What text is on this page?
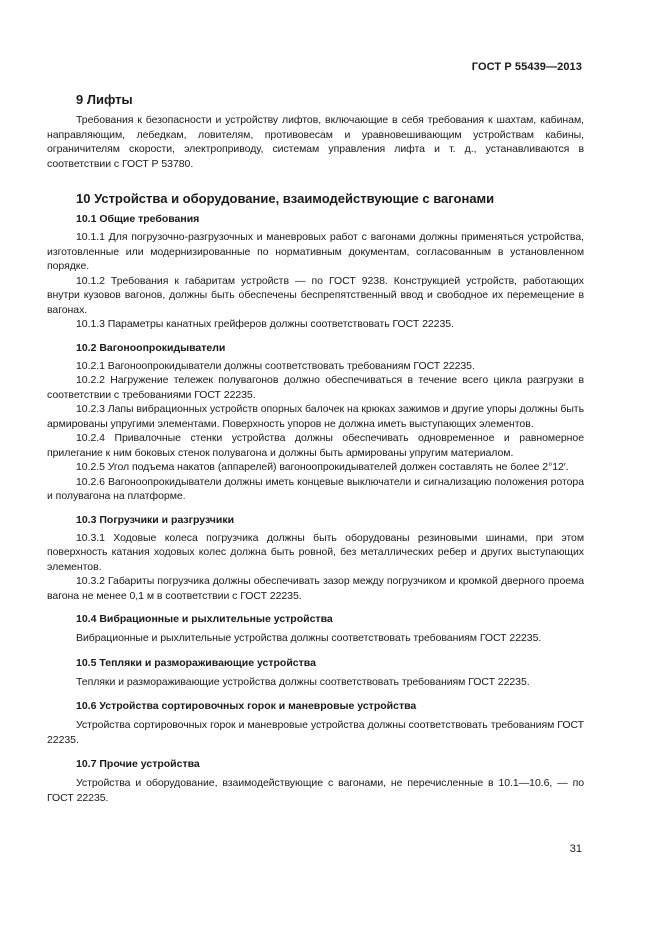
ГОСТ Р 55439—2013
9 Лифты

Требования к безопасности и устройству лифтов, включающие в себя требования к шахтам, кабинам, направляющим, лебедкам, ловителям, противовесам и уравновешивающим устройствам кабины, ограничителям скорости, электроприводу, системам управления лифта и т. д., устанавливаются в соответствии с ГОСТ Р 53780.

10 Устройства и оборудование, взаимодействующие с вагонами
10.1 Общие требования

10.1.1 Для погрузочно-разгрузочных и маневровых работ с вагонами должны применяться устройства, изготовленные или модернизированные по нормативным документам, согласованным в установленном порядке.

10.1.2 Требования к габаритам устройств — по ГОСТ 9238. Конструкцией устройств, работающих внутри кузовов вагонов, должны быть обеспечены беспрепятственный ввод и свободное их перемещение в вагонах.

10.1.3 Параметры канатных грейферов должны соответствовать ГОСТ 22235.

10.2 Вагоноопрокидыватели

10.2.1 Вагоноопрокидыватели должны соответствовать требованиям ГОСТ 22235.

10.2.2 Нагружение тележек полувагонов должно обеспечиваться в течение всего цикла разгрузки в соответствии с требованиями ГОСТ 22235.

10.2.3 Лапы вибрационных устройств опорных балочек на крюках зажимов и другие упоры должны быть армированы упругими элементами. Поверхность упоров не должна иметь выступающих элементов.

10.2.4 Привалочные стенки устройства должны обеспечивать одновременное и равномерное прилегание к ним боковых стенок полувагона и должны быть армированы упругим материалом.

10.2.5 Угол подъема накатов (аппарелей) вагоноопрокидывателей должен составлять не более 2°12′.

10.2.6 Вагоноопрокидыватели должны иметь концевые выключатели и сигнализацию положения ротора и полувагона на платформе.

10.3 Погрузчики и разгрузчики

10.3.1 Ходовые колеса погрузчика должны быть оборудованы резиновыми шинами, при этом поверхность катания ходовых колес должна быть ровной, без металлических ребер и других выступающих элементов.

10.3.2 Габариты погрузчика должны обеспечивать зазор между погрузчиком и кромкой дверного проема вагона не менее 0,1 м в соответствии с ГОСТ 22235.

10.4 Вибрационные и рыхлительные устройства

Вибрационные и рыхлительные устройства должны соответствовать требованиям ГОСТ 22235.

10.5 Тепляки и размораживающие устройства

Тепляки и размораживающие устройства должны соответствовать требованиям ГОСТ 22235.

10.6 Устройства сортировочных горок и маневровые устройства

Устройства сортировочных горок и маневровые устройства должны соответствовать требованиям ГОСТ 22235.

10.7 Прочие устройства

Устройства и оборудование, взаимодействующие с вагонами, не перечисленные в 10.1—10.6, — по ГОСТ 22235.

31
